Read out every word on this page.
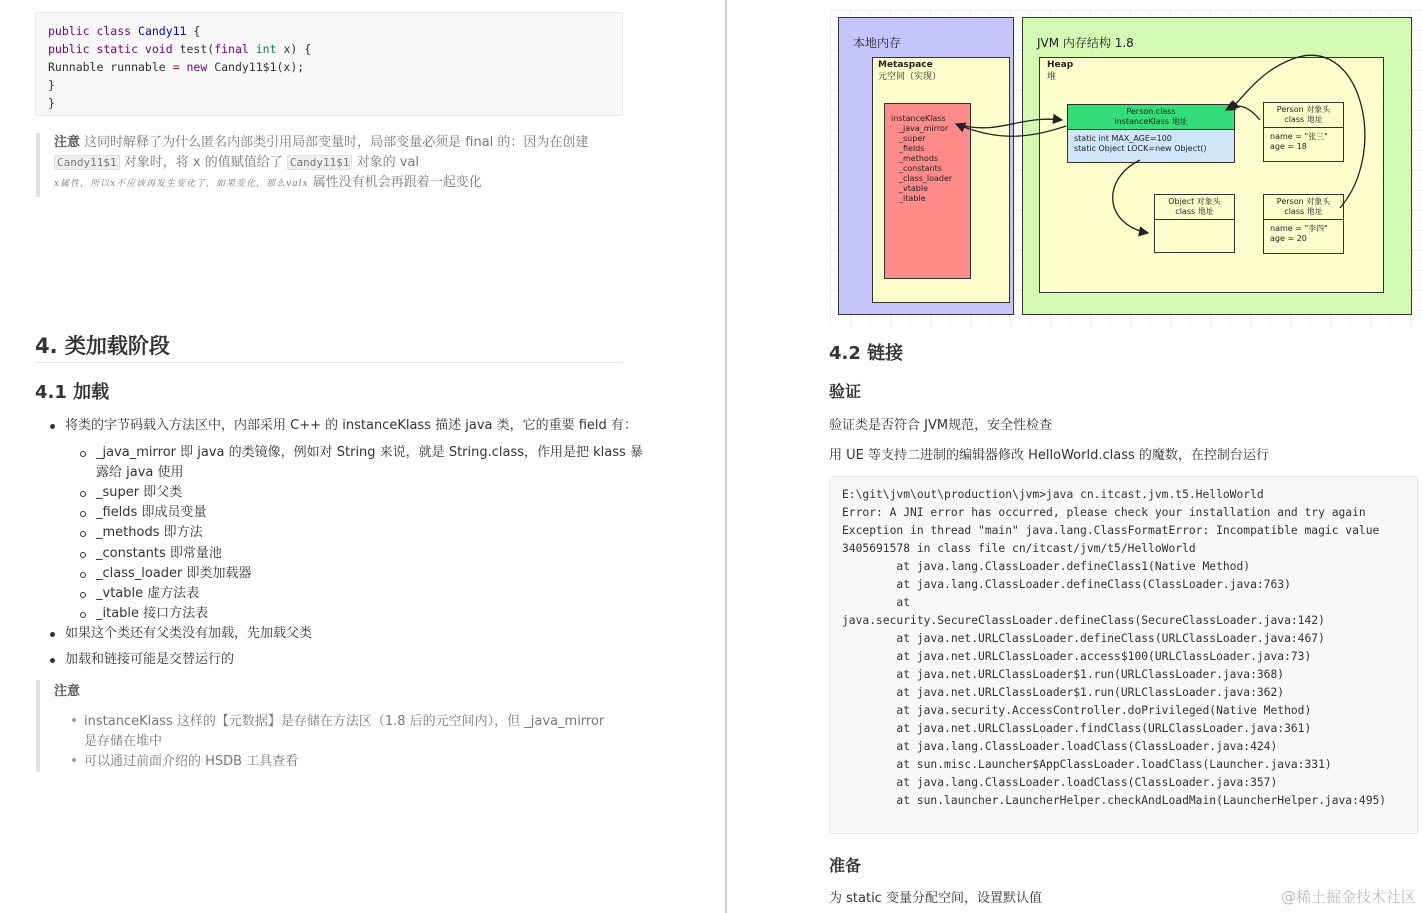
public class Candy11 {
public static void test(final int x) {
Runnable runnable = new Candy11$1(x);
}
}
注意 这同时解释了为什么匿名内部类引用局部变量时，局部变量必须是 final 的：因为在创建
Candy11$1 对象时，将 x 的值赋值给了 Candy11$1 对象的 val
x属性，所以x不应该再发生变化了，如果变化，那么valx 属性没有机会再跟着一起变化
4. 类加载阶段
4.1 加载
将类的字节码载入方法区中，内部采用 C++ 的 instanceKlass 描述 java 类，它的重要 field 有：
_java_mirror 即 java 的类镜像，例如对 String 来说，就是 String.class，作用是把 klass 暴
露给 java 使用
_super 即父类
_fields 即成员变量
_methods 即方法
_constants 即常量池
_class_loader 即类加载器
_vtable 虚方法表
_itable 接口方法表
如果这个类还有父类没有加载，先加载父类
加载和链接可能是交替运行的
注意
instanceKlass 这样的【元数据】是存储在方法区（1.8 后的元空间内），但 _java_mirror
是存储在堆中
可以通过前面介绍的 HSDB 工具查看
本地内存
Metaspace
元空间（实现）
instanceKlass
_java_mirror
_super
_fields
_methods
_constants
_class_loader
_vtable
_itable
JVM 内存结构 1.8
Heap
堆
Person.class
instanceKlass 地址
static int MAX_AGE=100
static Object LOCK=new Object()
Person 对象头
class 地址
name = "张三"
age = 18
Object 对象头
class 地址
Person 对象头
class 地址
name = "李四"
age = 20
4.2 链接
验证
验证类是否符合 JVM规范，安全性检查
用 UE 等支持二进制的编辑器修改 HelloWorld.class 的魔数，在控制台运行
E:\git\jvm\out\production\jvm>java cn.itcast.jvm.t5.HelloWorld
Error: A JNI error has occurred, please check your installation and try again
Exception in thread "main" java.lang.ClassFormatError: Incompatible magic value
3405691578 in class file cn/itcast/jvm/t5/HelloWorld
at java.lang.ClassLoader.defineClass1(Native Method)
at java.lang.ClassLoader.defineClass(ClassLoader.java:763)
at
java.security.SecureClassLoader.defineClass(SecureClassLoader.java:142)
at java.net.URLClassLoader.defineClass(URLClassLoader.java:467)
at java.net.URLClassLoader.access$100(URLClassLoader.java:73)
at java.net.URLClassLoader$1.run(URLClassLoader.java:368)
at java.net.URLClassLoader$1.run(URLClassLoader.java:362)
at java.security.AccessController.doPrivileged(Native Method)
at java.net.URLClassLoader.findClass(URLClassLoader.java:361)
at java.lang.ClassLoader.loadClass(ClassLoader.java:424)
at sun.misc.Launcher$AppClassLoader.loadClass(Launcher.java:331)
at java.lang.ClassLoader.loadClass(ClassLoader.java:357)
at sun.launcher.LauncherHelper.checkAndLoadMain(LauncherHelper.java:495)
准备
为 static 变量分配空间，设置默认值	@稀土掘金技术社区
